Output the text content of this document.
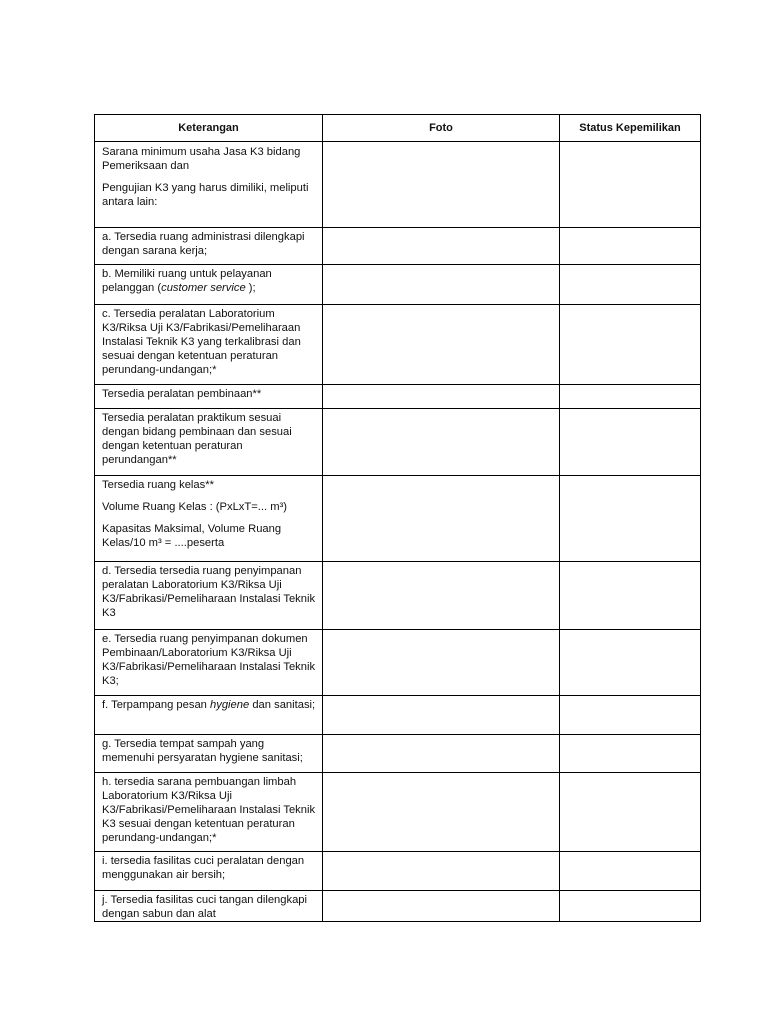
Keterangan	Foto	Status Kepemilikan

Sarana minimum usaha Jasa K3 bidang Pemeriksaan dan
Pengujian K3 yang harus dimiliki, meliputi antara lain:		

a. Tersedia ruang administrasi dilengkapi dengan sarana kerja;		

b. Memiliki ruang untuk pelayanan pelanggan (customer service );		

c. Tersedia peralatan Laboratorium K3/Riksa Uji K3/Fabrikasi/Pemeliharaan Instalasi Teknik K3 yang terkalibrasi dan sesuai dengan ketentuan peraturan perundang-undangan;*		

Tersedia peralatan pembinaan**		

Tersedia peralatan praktikum sesuai dengan bidang pembinaan dan sesuai dengan ketentuan peraturan perundangan**		

Tersedia ruang kelas**
Volume Ruang Kelas : (PxLxT=... m³)
Kapasitas Maksimal, Volume Ruang Kelas/10 m³ = ....peserta		

d. Tersedia tersedia ruang penyimpanan peralatan Laboratorium K3/Riksa Uji K3/Fabrikasi/Pemeliharaan Instalasi Teknik K3		

e. Tersedia ruang penyimpanan dokumen Pembinaan/Laboratorium K3/Riksa Uji K3/Fabrikasi/Pemeliharaan Instalasi Teknik K3;		

f. Terpampang pesan hygiene dan sanitasi;		

g. Tersedia tempat sampah yang memenuhi persyaratan hygiene sanitasi;		

h. tersedia sarana pembuangan limbah Laboratorium K3/Riksa Uji K3/Fabrikasi/Pemeliharaan Instalasi Teknik K3 sesuai dengan ketentuan peraturan perundang-undangan;*		

i. tersedia fasilitas cuci peralatan dengan menggunakan air bersih;		

j. Tersedia fasilitas cuci tangan dilengkapi dengan sabun dan alat		
